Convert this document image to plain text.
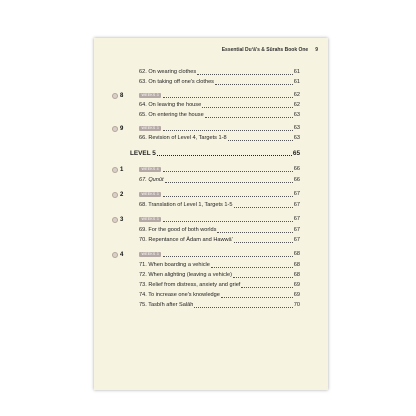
Essential Du‘ā’s & Sūrahs Book One 9
62. On wearing clothes	61
63. On taking off one's clothes	61
8	WEEKS 3	62
64. On leaving the house	62
65. On entering the house	63
9	WEEKS 3	63
66. Revision of Level 4, Targets 1-8	63
LEVEL 5	65
1	WEEKS 4	66
67. Qunūt	66
2	WEEKS 3	67
68. Translation of Level 1, Targets 1-5	67
3	WEEKS 3	67
69. For the good of both worlds	67
70. Repentance of Ādam and Hawwā'	67
4	WEEKS 3	68
71. When boarding a vehicle	68
72. When alighting (leaving a vehicle)	68
73. Relief from distress, anxiety and grief	69
74. To increase one's knowledge	69
75. Tasbīh after Salāh	70
